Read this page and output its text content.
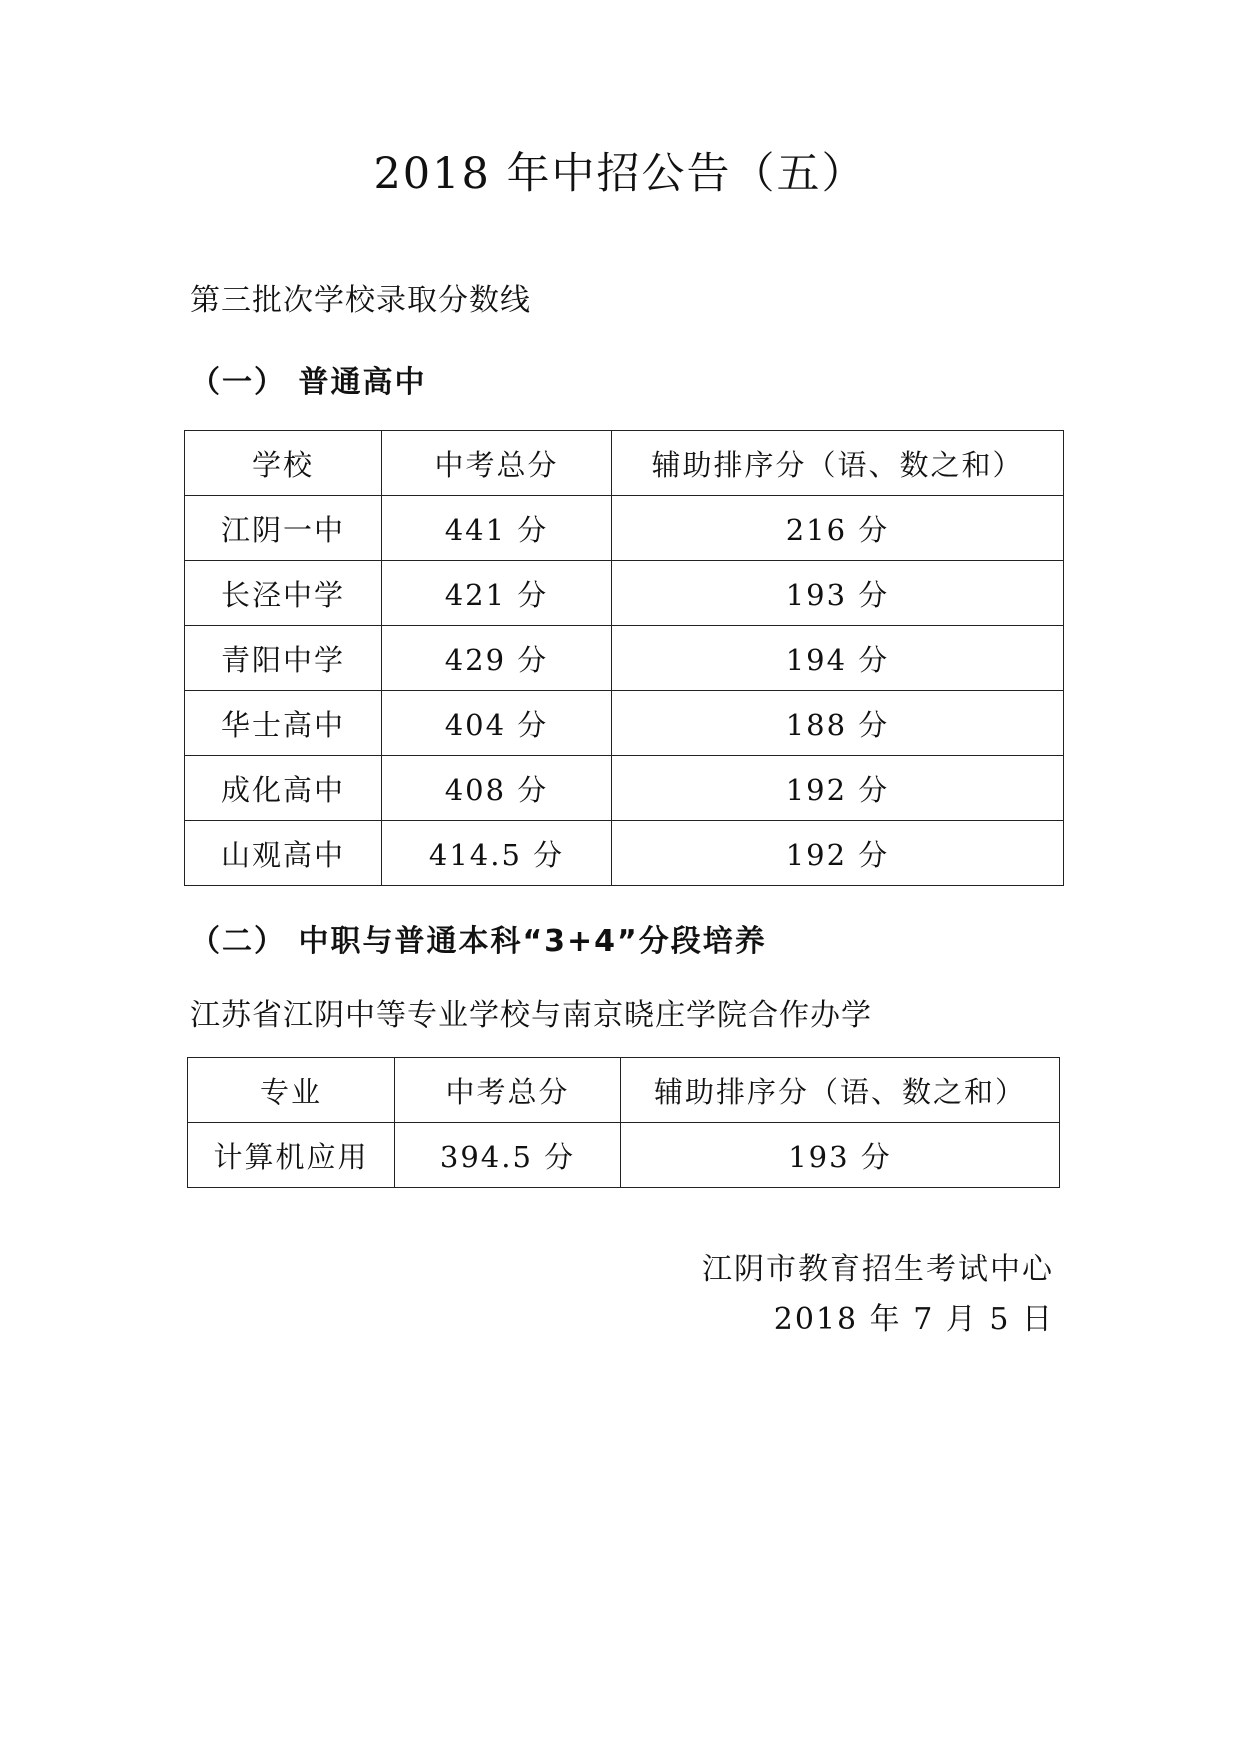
2018 年中招公告（五）
第三批次学校录取分数线
（一） 普通高中
学校	中考总分	辅助排序分（语、数之和）
江阴一中	441 分	216 分
长泾中学	421 分	193 分
青阳中学	429 分	194 分
华士高中	404 分	188 分
成化高中	408 分	192 分
山观高中	414.5 分	192 分
（二） 中职与普通本科“3+4”分段培养
江苏省江阴中等专业学校与南京晓庄学院合作办学
专业	中考总分	辅助排序分（语、数之和）
计算机应用	394.5 分	193 分
江阴市教育招生考试中心
2018 年 7 月 5 日
